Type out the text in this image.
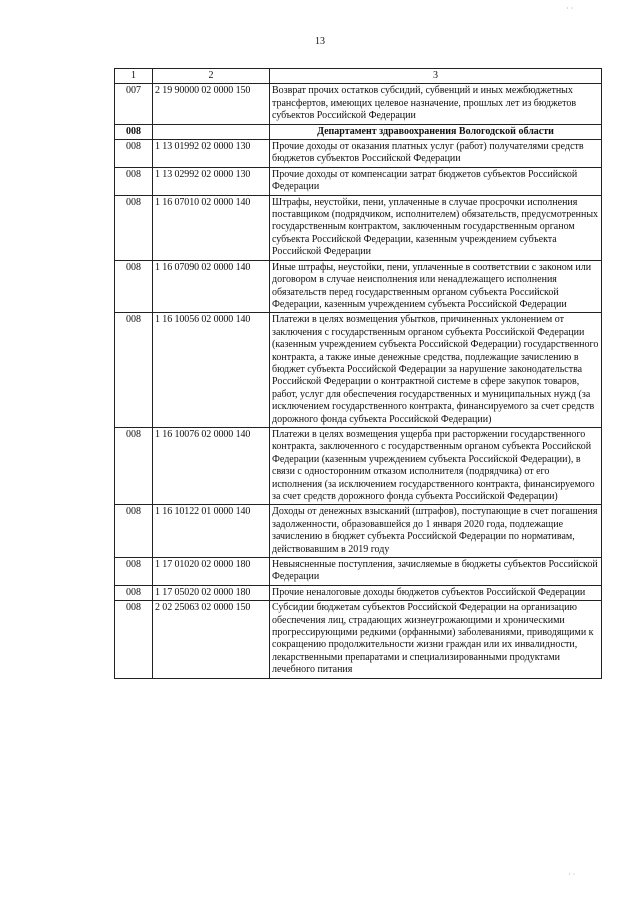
13
1	2	3
007	2 19 90000 02 0000 150	Возврат прочих остатков субсидий, субвенций и иных межбюджетных трансфертов, имеющих целевое назначение, прошлых лет из бюджетов субъектов Российской Федерации
008		Департамент здравоохранения Вологодской области
008	1 13 01992 02 0000 130	Прочие доходы от оказания платных услуг (работ) получателями средств бюджетов субъектов Российской Федерации
008	1 13 02992 02 0000 130	Прочие доходы от компенсации затрат бюджетов субъектов Российской Федерации
008	1 16 07010 02 0000 140	Штрафы, неустойки, пени, уплаченные в случае просрочки исполнения поставщиком (подрядчиком, исполнителем) обязательств, предусмотренных государственным контрактом, заключенным государственным органом субъекта Российской Федерации, казенным учреждением субъекта Российской Федерации
008	1 16 07090 02 0000 140	Иные штрафы, неустойки, пени, уплаченные в соответствии с законом или договором в случае неисполнения или ненадлежащего исполнения обязательств перед государственным органом субъекта Российской Федерации, казенным учреждением субъекта Российской Федерации
008	1 16 10056 02 0000 140	Платежи в целях возмещения убытков, причиненных уклонением от заключения с государственным органом субъекта Российской Федерации (казенным учреждением субъекта Российской Федерации) государственного контракта, а также иные денежные средства, подлежащие зачислению в бюджет субъекта Российской Федерации за нарушение законодательства Российской Федерации о контрактной системе в сфере закупок товаров, работ, услуг для обеспечения государственных и муниципальных нужд (за исключением государственного контракта, финансируемого за счет средств дорожного фонда субъекта Российской Федерации)
008	1 16 10076 02 0000 140	Платежи в целях возмещения ущерба при расторжении государственного контракта, заключенного с государственным органом субъекта Российской Федерации (казенным учреждением субъекта Российской Федерации), в связи с односторонним отказом исполнителя (подрядчика) от его исполнения (за исключением государственного контракта, финансируемого за счет средств дорожного фонда субъекта Российской Федерации)
008	1 16 10122 01 0000 140	Доходы от денежных взысканий (штрафов), поступающие в счет погашения задолженности, образовавшейся до 1 января 2020 года, подлежащие зачислению в бюджет субъекта Российской Федерации по нормативам, действовавшим в 2019 году
008	1 17 01020 02 0000 180	Невыясненные поступления, зачисляемые в бюджеты субъектов Российской Федерации
008	1 17 05020 02 0000 180	Прочие неналоговые доходы бюджетов субъектов Российской Федерации
008	2 02 25063 02 0000 150	Субсидии бюджетам субъектов Российской Федерации на организацию обеспечения лиц, страдающих жизнеугрожающими и хроническими прогрессирующими редкими (орфанными) заболеваниями, приводящими к сокращению продолжительности жизни граждан или их инвалидности, лекарственными препаратами и специализированными продуктами лечебного питания
· ·
· ·
